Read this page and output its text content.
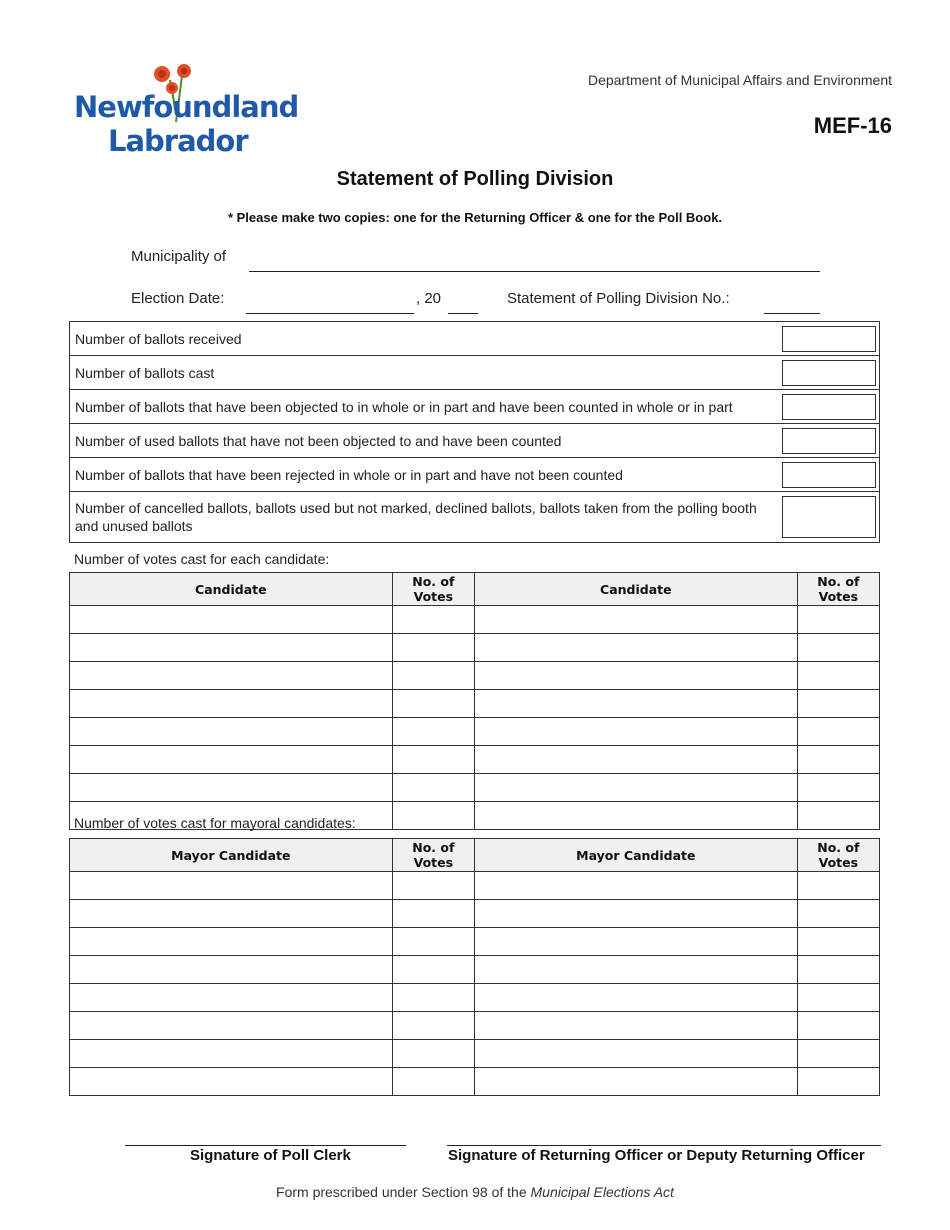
Newfoundland
Labrador
Department of Municipal Affairs and Environment
MEF-16
Statement of Polling Division
* Please make two copies: one for the Returning Officer & one for the Poll Book.
Municipality of
Election Date:	, 20	Statement of Polling Division No.:
Number of ballots received	

Number of ballots cast	

Number of ballots that have been objected to in whole or in part and have been counted in whole or in part	

Number of used ballots that have not been objected to and have been counted	

Number of ballots that have been rejected in whole or in part and have not been counted	

Number of cancelled ballots, ballots used but not marked, declined ballots, ballots taken from the polling booth and unused ballots	
Number of votes cast for each candidate:
Candidate	No. of Votes	Candidate	No. of Votes

Number of votes cast for mayoral candidates:
Mayor Candidate	No. of Votes	Mayor Candidate	No. of Votes

Signature of Poll Clerk	Signature of Returning Officer or Deputy Returning Officer
Form prescribed under Section 98 of the Municipal Elections Act
